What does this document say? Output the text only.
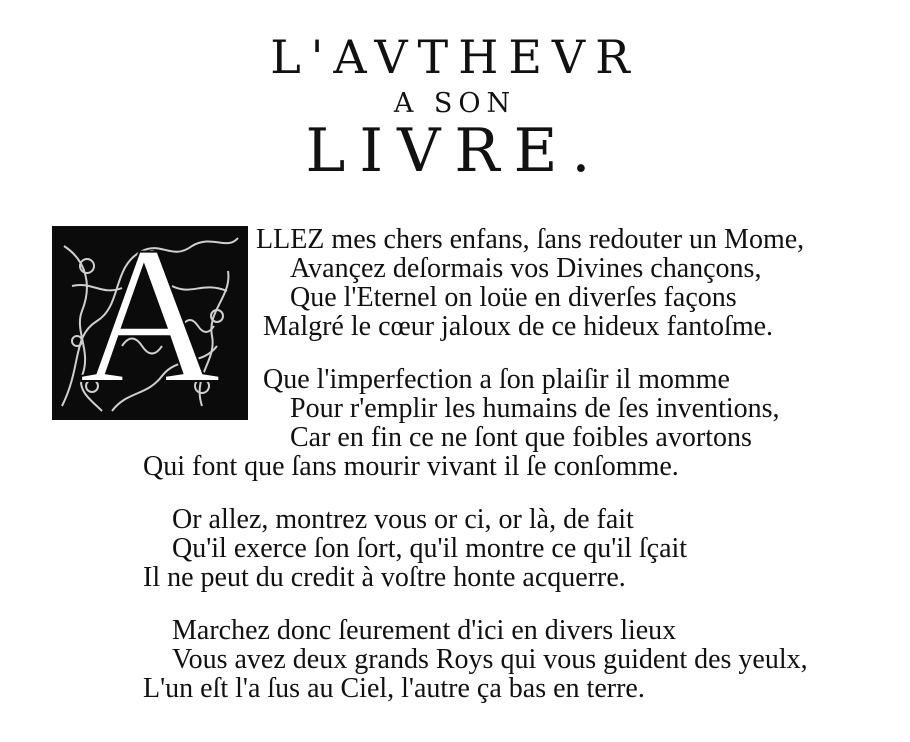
L'AVTHEVR
A SON
LIVRE.
A	LLEZ mes chers enfans, ſans redouter un Mome,
Avançez deſormais vos Divines chançons,
Que l'Eternel on loüe en diverſes façons
Malgré le cœur jaloux de ce hideux fantoſme.
Que l'imperfection a ſon plaiſir il momme
Pour r'emplir les humains de ſes inventions,
Car en fin ce ne ſont que foibles avortons
Qui font que ſans mourir vivant il ſe conſomme.
Or allez, montrez vous or ci, or là, de fait
Qu'il exerce ſon ſort, qu'il montre ce qu'il ſçait
Il ne peut du credit à voſtre honte acquerre.
Marchez donc ſeurement d'ici en divers lieux
Vous avez deux grands Roys qui vous guident des yeulx,
L'un eſt l'a ſus au Ciel, l'autre ça bas en terre.
